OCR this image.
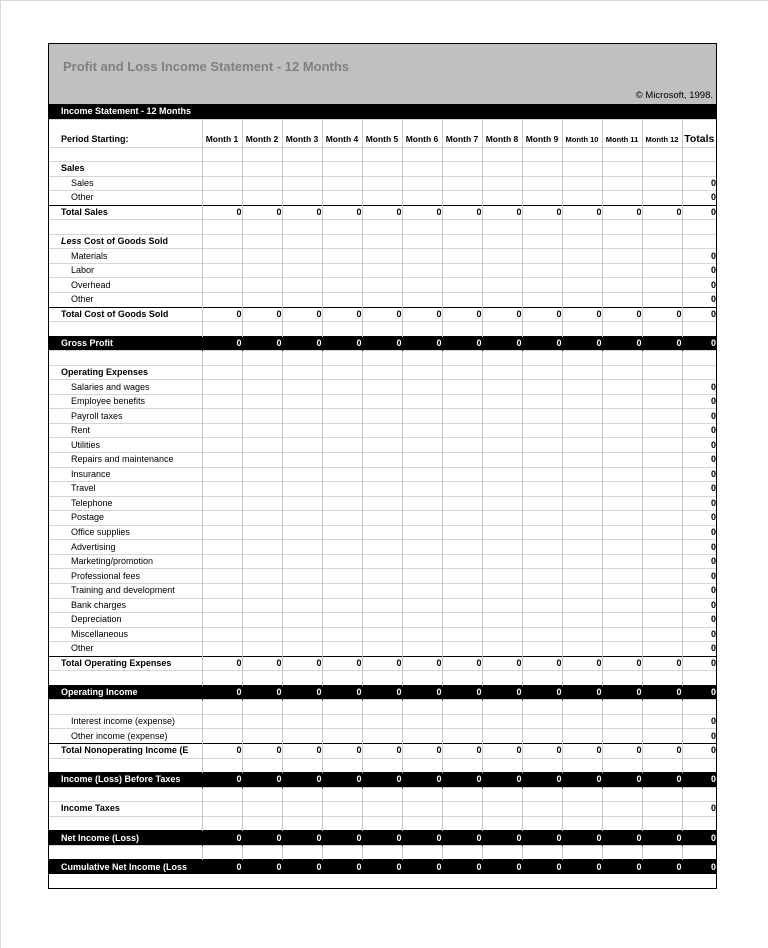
Profit and Loss Income Statement - 12 Months
© Microsoft, 1998.
Income Statement - 12 Months													
Period Starting:	Month 1	Month 2	Month 3	Month 4	Month 5	Month 6	Month 7	Month 8	Month 9	Month 10	Month 11	Month 12	Totals

Sales													
Sales													0
Other													0
Total Sales	0	0	0	0	0	0	0	0	0	0	0	0	0

Less Cost of Goods Sold													
Materials													0
Labor													0
Overhead													0
Other													0
Total Cost of Goods Sold	0	0	0	0	0	0	0	0	0	0	0	0	0

Gross Profit	0	0	0	0	0	0	0	0	0	0	0	0	0

Operating Expenses													
Salaries and wages													0
Employee benefits													0
Payroll taxes													0
Rent													0
Utilities													0
Repairs and maintenance													0
Insurance													0
Travel													0
Telephone													0
Postage													0
Office supplies													0
Advertising													0
Marketing/promotion													0
Professional fees													0
Training and development													0
Bank charges													0
Depreciation													0
Miscellaneous													0
Other													0
Total Operating Expenses	0	0	0	0	0	0	0	0	0	0	0	0	0

Operating Income	0	0	0	0	0	0	0	0	0	0	0	0	0

Interest income (expense)													0
Other income (expense)													0
Total Nonoperating Income (E	0	0	0	0	0	0	0	0	0	0	0	0	0

Income (Loss) Before Taxes	0	0	0	0	0	0	0	0	0	0	0	0	0

Income Taxes													0

Net Income (Loss)	0	0	0	0	0	0	0	0	0	0	0	0	0

Cumulative Net Income (Loss	0	0	0	0	0	0	0	0	0	0	0	0	0
